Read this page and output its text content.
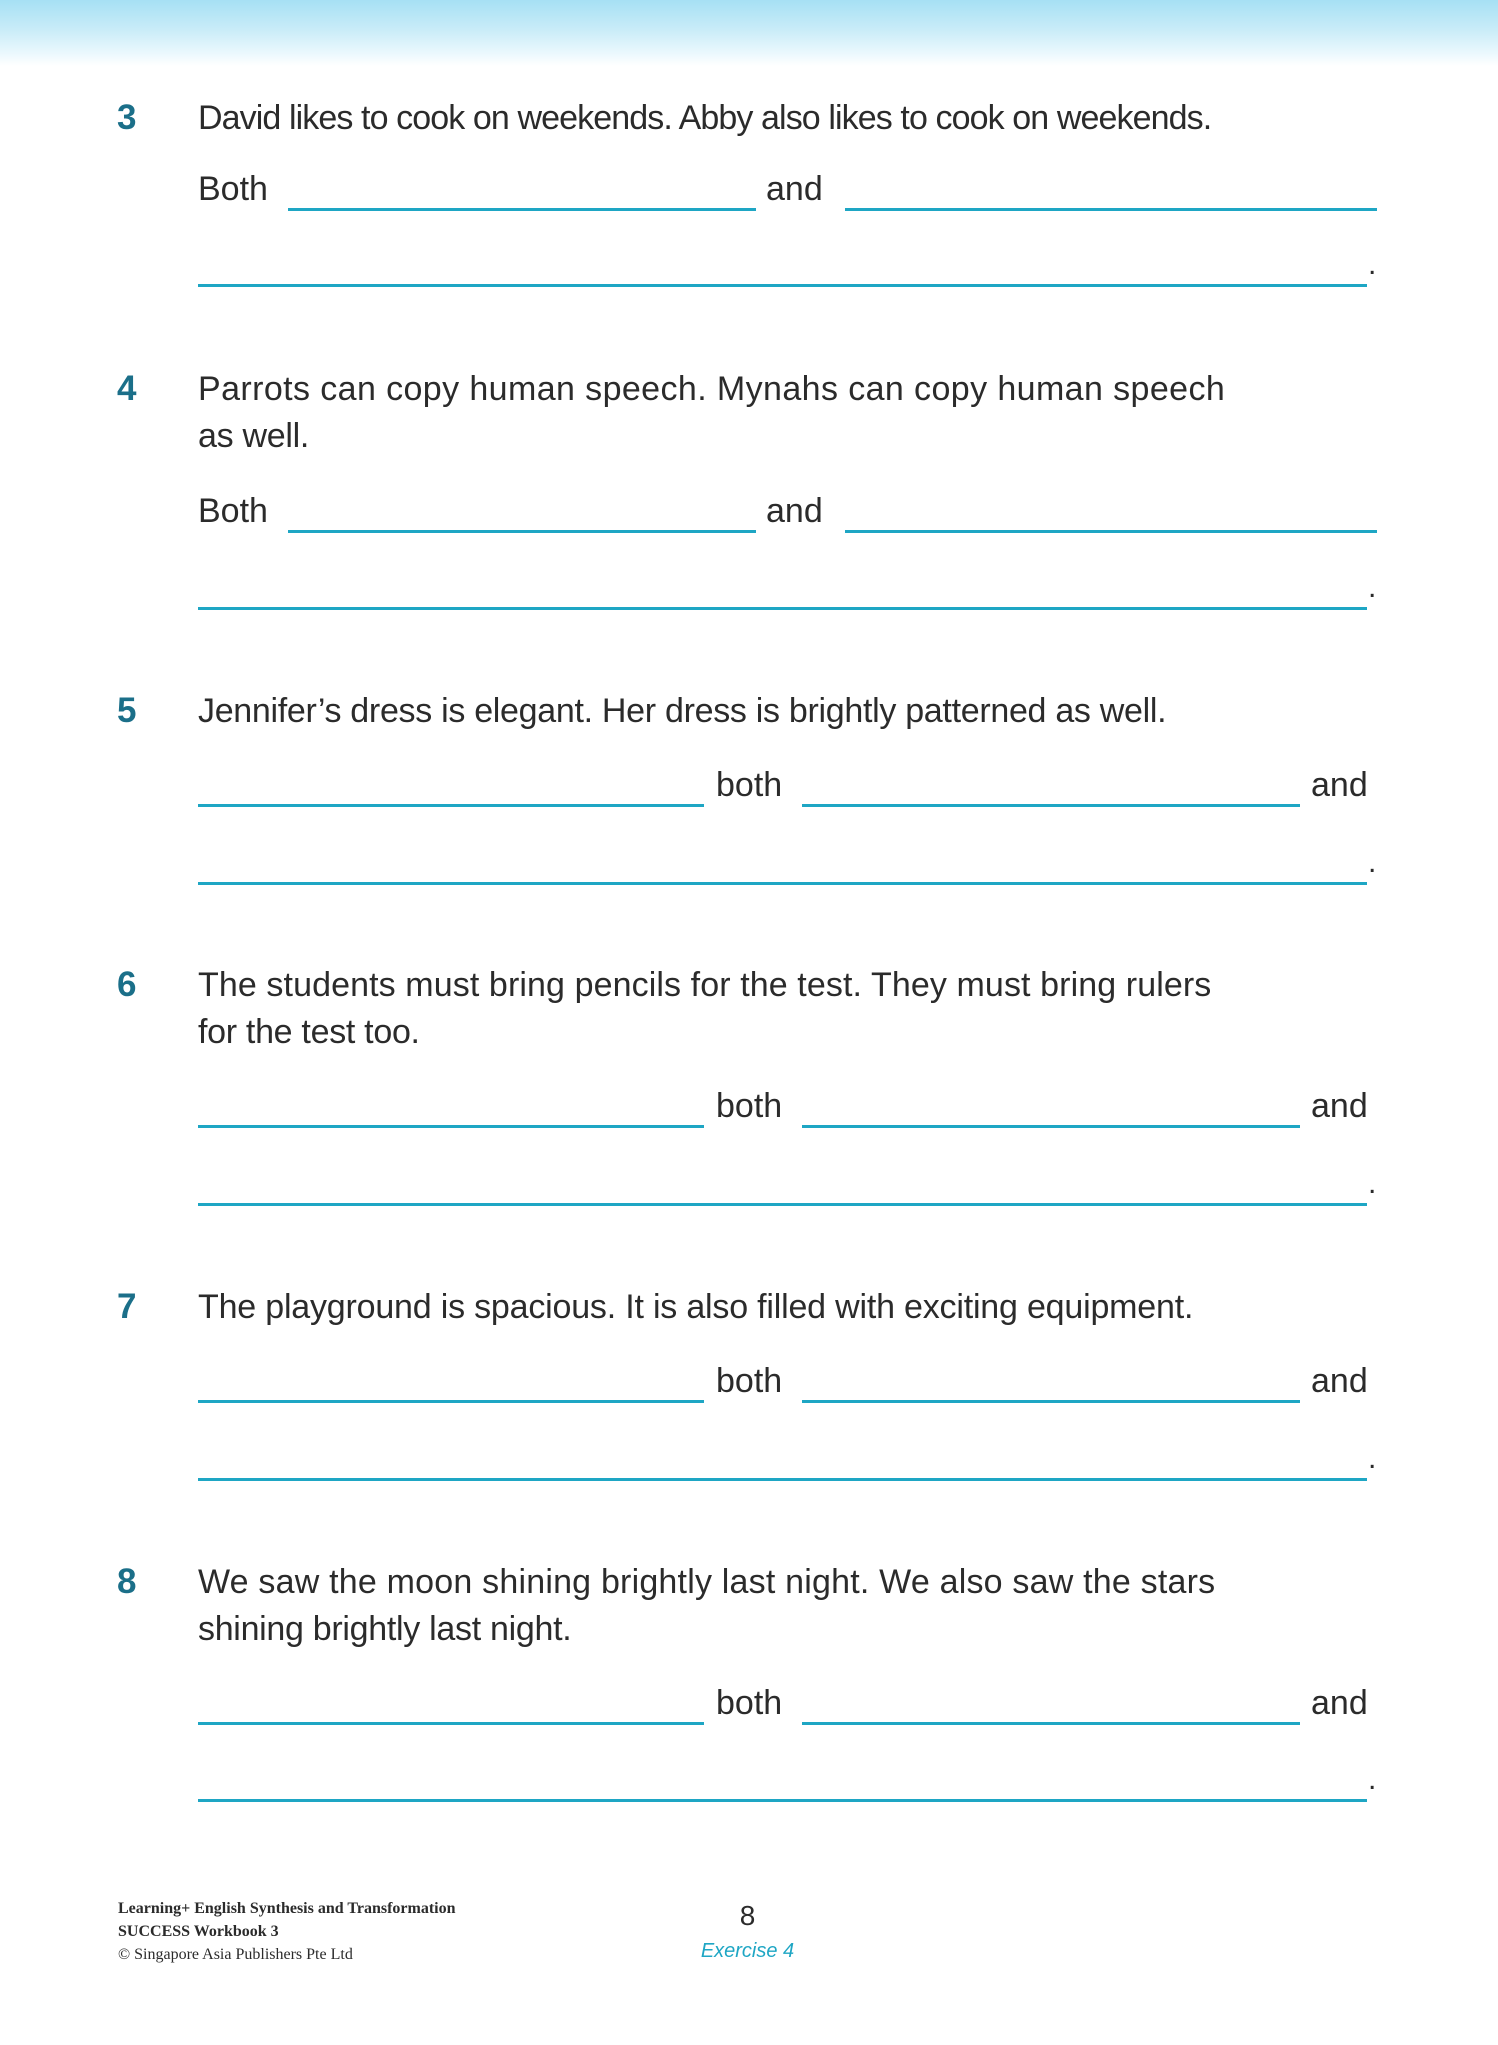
3	David likes to cook on weekends. Abby also likes to cook on weekends.
Both	and
.
4	Parrots can copy human speech. Mynahs can copy human speech
as well.
Both	and
.
5	Jennifer’s dress is elegant. Her dress is brightly patterned as well.
both	and
.
6	The students must bring pencils for the test. They must bring rulers
for the test too.
both	and
.
7	The playground is spacious. It is also filled with exciting equipment.
both	and
.
8	We saw the moon shining brightly last night. We also saw the stars
shining brightly last night.
both	and
.
Learning+ English Synthesis and Transformation
SUCCESS Workbook 3
© Singapore Asia Publishers Pte Ltd
8
Exercise 4
